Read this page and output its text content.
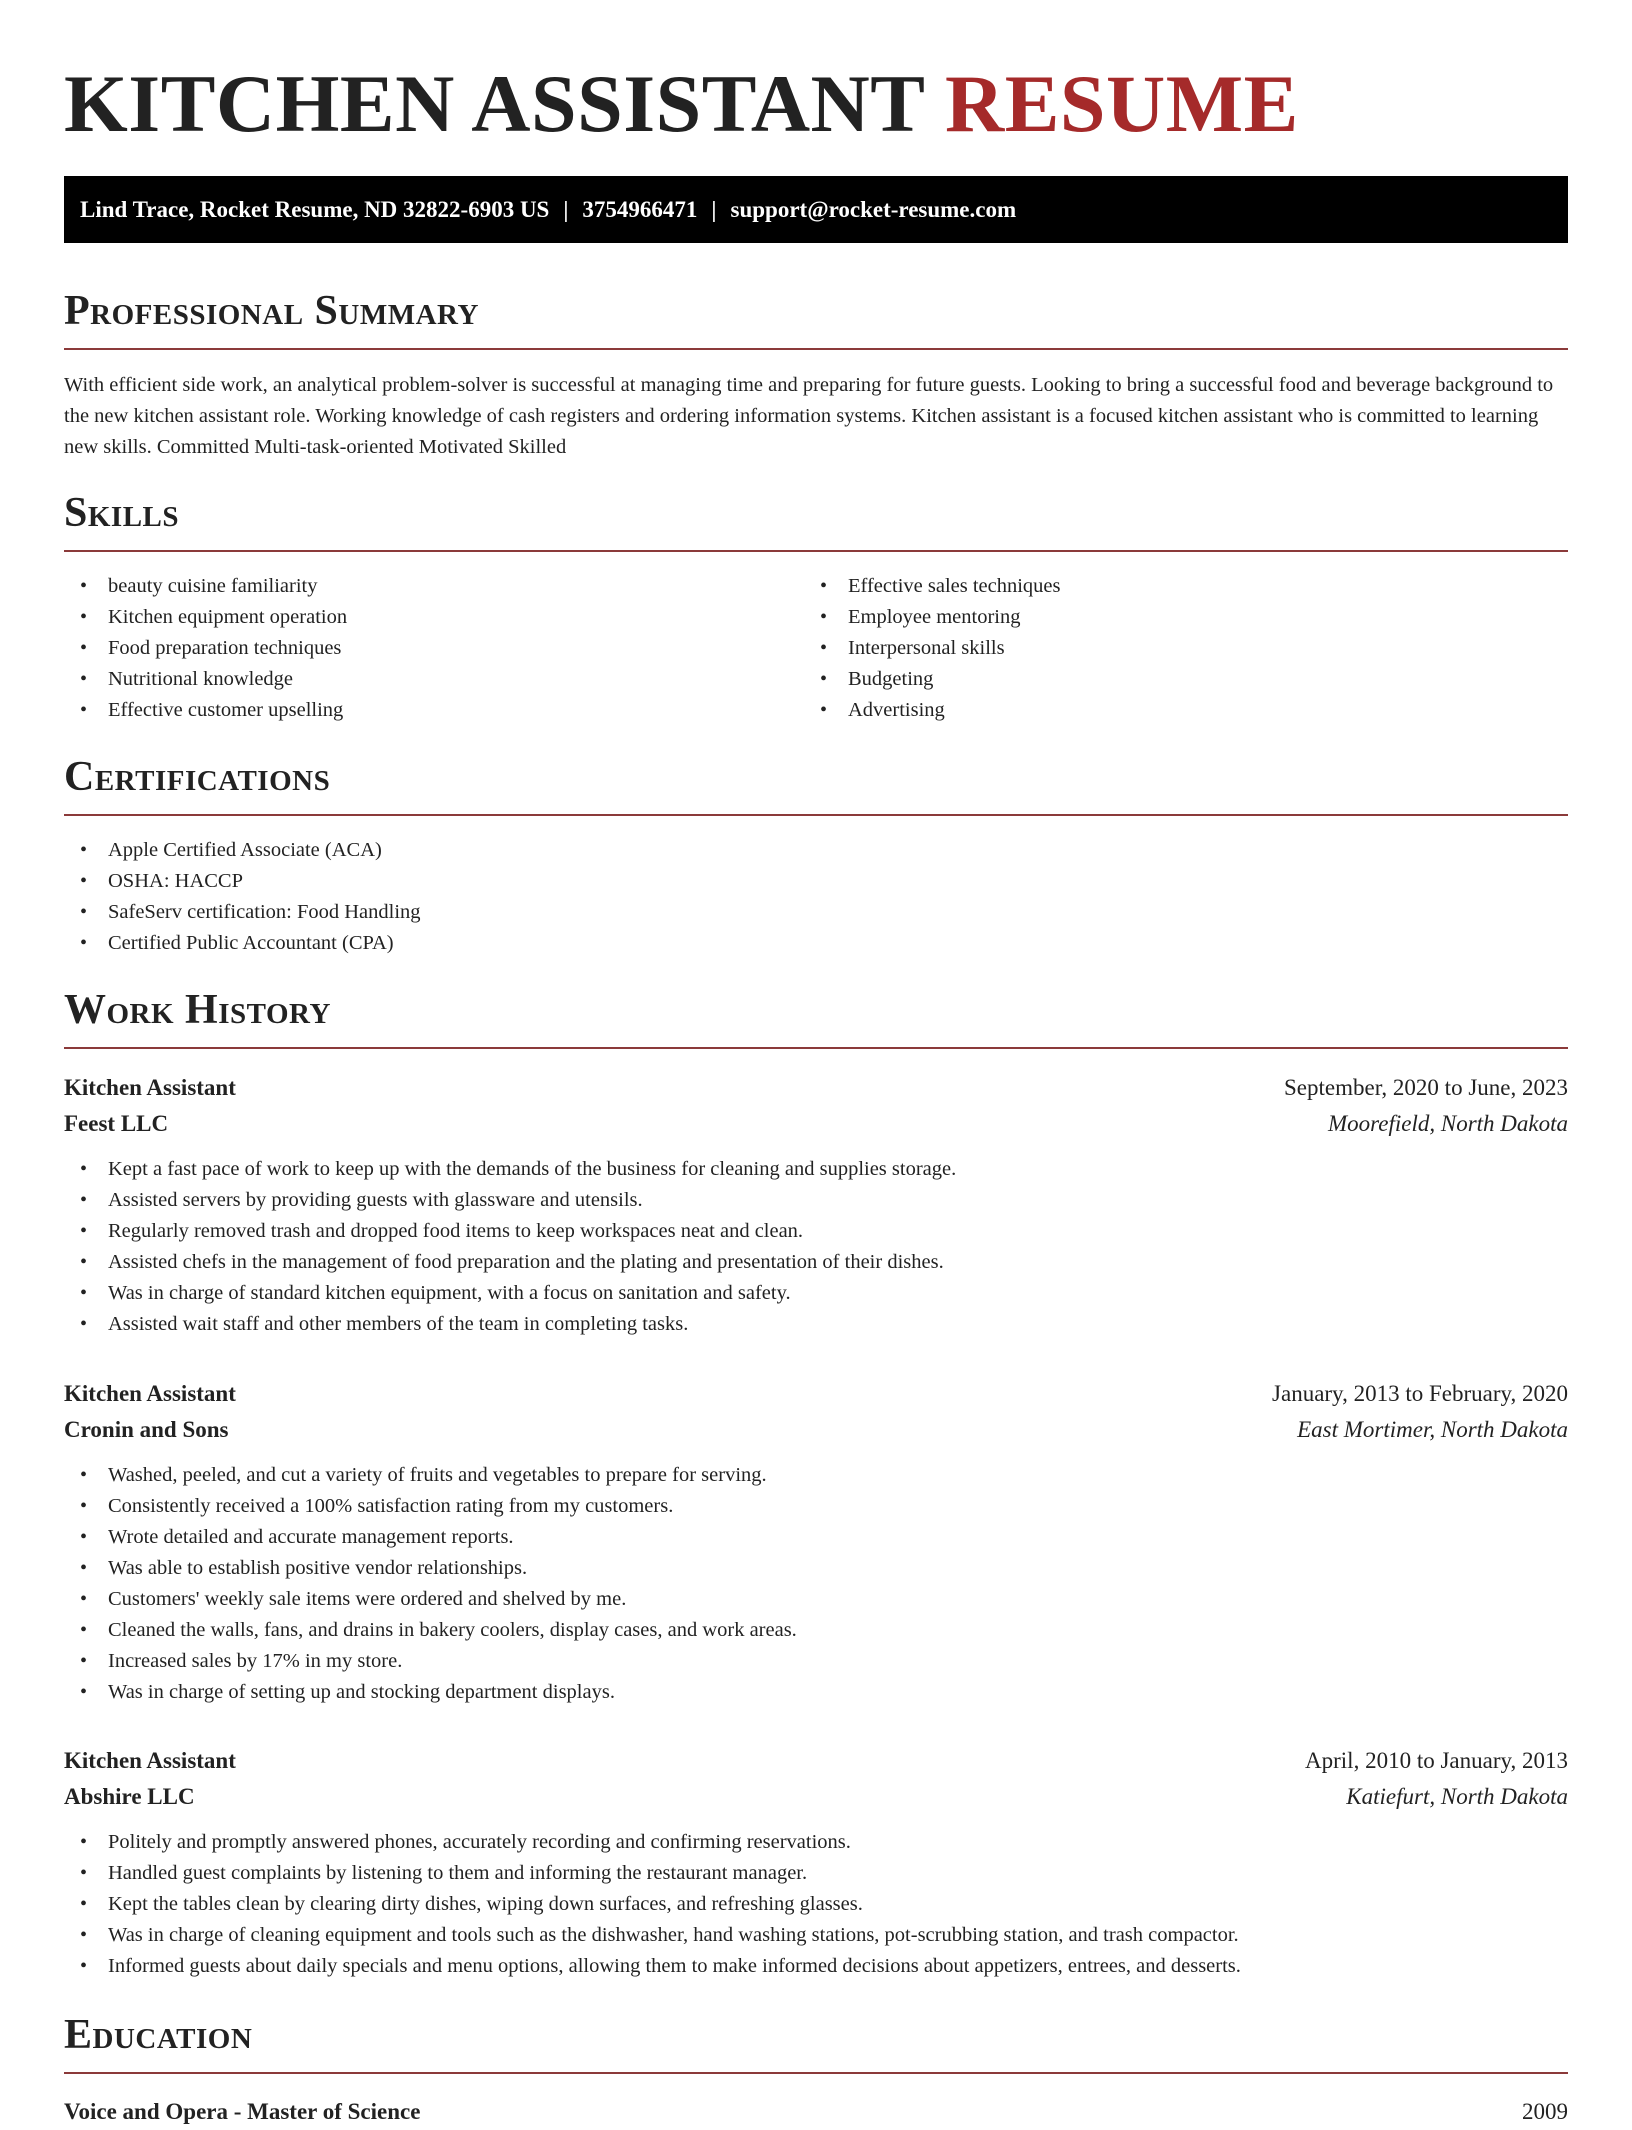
KITCHEN ASSISTANT RESUME
Lind Trace, Rocket Resume, ND 32822-6903 US | 3754966471 | support@rocket-resume.com
Professional Summary

With efficient side work, an analytical problem-solver is successful at managing time and preparing for future guests. Looking to bring a successful food and beverage background to the new kitchen assistant role. Working knowledge of cash registers and ordering information systems. Kitchen assistant is a focused kitchen assistant who is committed to learning new skills. Committed Multi-task-oriented Motivated Skilled

Skills
• beauty cuisine familiarity
• Kitchen equipment operation
• Food preparation techniques
• Nutritional knowledge
• Effective customer upselling
• Effective sales techniques
• Employee mentoring
• Interpersonal skills
• Budgeting
• Advertising
Certifications
• Apple Certified Associate (ACA)
• OSHA: HACCP
• SafeServ certification: Food Handling
• Certified Public Accountant (CPA)
Work History
Kitchen Assistant	September, 2020 to June, 2023
Feest LLC	Moorefield, North Dakota
• Kept a fast pace of work to keep up with the demands of the business for cleaning and supplies storage.
• Assisted servers by providing guests with glassware and utensils.
• Regularly removed trash and dropped food items to keep workspaces neat and clean.
• Assisted chefs in the management of food preparation and the plating and presentation of their dishes.
• Was in charge of standard kitchen equipment, with a focus on sanitation and safety.
• Assisted wait staff and other members of the team in completing tasks.
Kitchen Assistant	January, 2013 to February, 2020
Cronin and Sons	East Mortimer, North Dakota
• Washed, peeled, and cut a variety of fruits and vegetables to prepare for serving.
• Consistently received a 100% satisfaction rating from my customers.
• Wrote detailed and accurate management reports.
• Was able to establish positive vendor relationships.
• Customers' weekly sale items were ordered and shelved by me.
• Cleaned the walls, fans, and drains in bakery coolers, display cases, and work areas.
• Increased sales by 17% in my store.
• Was in charge of setting up and stocking department displays.
Kitchen Assistant	April, 2010 to January, 2013
Abshire LLC	Katiefurt, North Dakota
• Politely and promptly answered phones, accurately recording and confirming reservations.
• Handled guest complaints by listening to them and informing the restaurant manager.
• Kept the tables clean by clearing dirty dishes, wiping down surfaces, and refreshing glasses.
• Was in charge of cleaning equipment and tools such as the dishwasher, hand washing stations, pot-scrubbing station, and trash compactor.
• Informed guests about daily specials and menu options, allowing them to make informed decisions about appetizers, entrees, and desserts.
Education
Voice and Opera - Master of Science	2009
